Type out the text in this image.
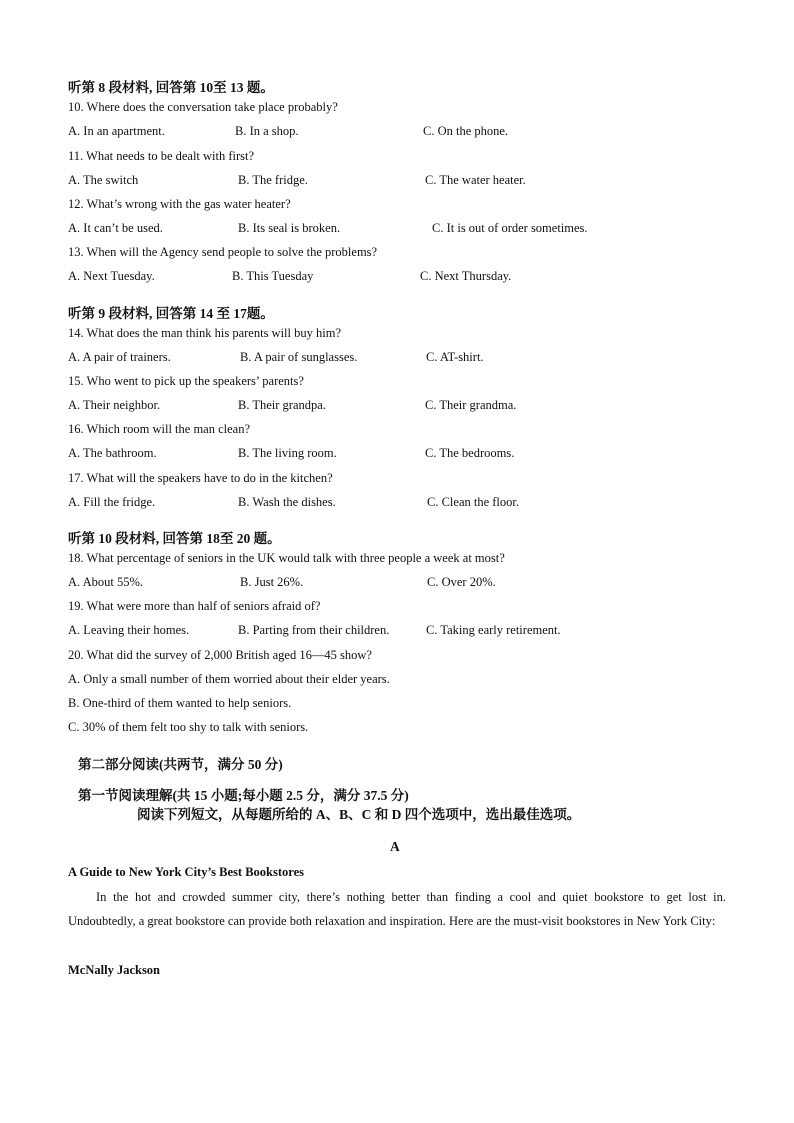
听第 8 段材料, 回答第 10至 13 题。
10. Where does the conversation take place probably?
A. In an apartment.	B. In a shop.	C. On the phone.
11. What needs to be dealt with first?
A. The switch	B. The fridge.	C. The water heater.
12. What’s wrong with the gas water heater?
A. It can’t be used.	B. Its seal is broken.	C. It is out of order sometimes.
13. When will the Agency send people to solve the problems?
A. Next Tuesday.	B. This Tuesday	C. Next Thursday.
听第 9 段材料, 回答第 14 至 17题。
14. What does the man think his parents will buy him?
A. A pair of trainers.	B. A pair of sunglasses.	C. AT-shirt.
15. Who went to pick up the speakers’ parents?
A. Their neighbor.	B. Their grandpa.	C. Their grandma.
16. Which room will the man clean?
A. The bathroom.	B. The living room.	C. The bedrooms.
17. What will the speakers have to do in the kitchen?
A. Fill the fridge.	B. Wash the dishes.	C. Clean the floor.
听第 10 段材料, 回答第 18至 20 题。
18. What percentage of seniors in the UK would talk with three people a week at most?
A. About 55%.	B. Just 26%.	C. Over 20%.
19. What were more than half of seniors afraid of?
A. Leaving their homes.	B. Parting from their children.	C. Taking early retirement.
20. What did the survey of 2,000 British aged 16—45 show?
A. Only a small number of them worried about their elder years.
B. One-third of them wanted to help seniors.
C. 30% of them felt too shy to talk with seniors.
第二部分阅读(共两节，满分 50 分)
第一节阅读理解(共 15 小题;每小题 2.5 分，满分 37.5 分)
阅读下列短文，从每题所给的 A、B、C 和 D 四个选项中，选出最佳选项。
A
A Guide to New York City’s Best Bookstores
In the hot and crowded summer city, there’s nothing better than finding a cool and quiet bookstore to get lost in. Undoubtedly, a great bookstore can provide both relaxation and inspiration. Here are the must-visit bookstores in New York City:
McNally Jackson
